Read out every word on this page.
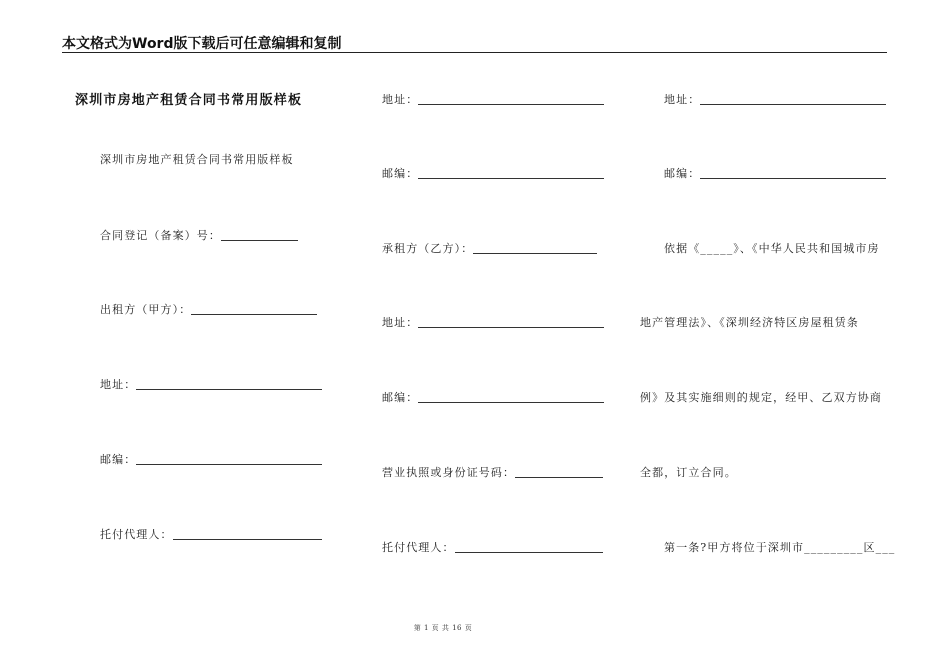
本文格式为Word版下载后可任意编辑和复制
深圳市房地产租赁合同书常用版样板
深圳市房地产租赁合同书常用版样板
合同登记（备案）号：
出租方（甲方）：
地址：
邮编：
托付代理人：
地址：
邮编：
承租方（乙方）：
地址：
邮编：
营业执照或身份证号码：
托付代理人：
地址：
邮编：
依据《_____》、《中华人民共和国城市房
地产管理法》、《深圳经济特区房屋租赁条
例》及其实施细则的规定，经甲、乙双方协商
全都，订立合同。
第一条?甲方将位于深圳市_________区___
第 1 页 共 16 页
